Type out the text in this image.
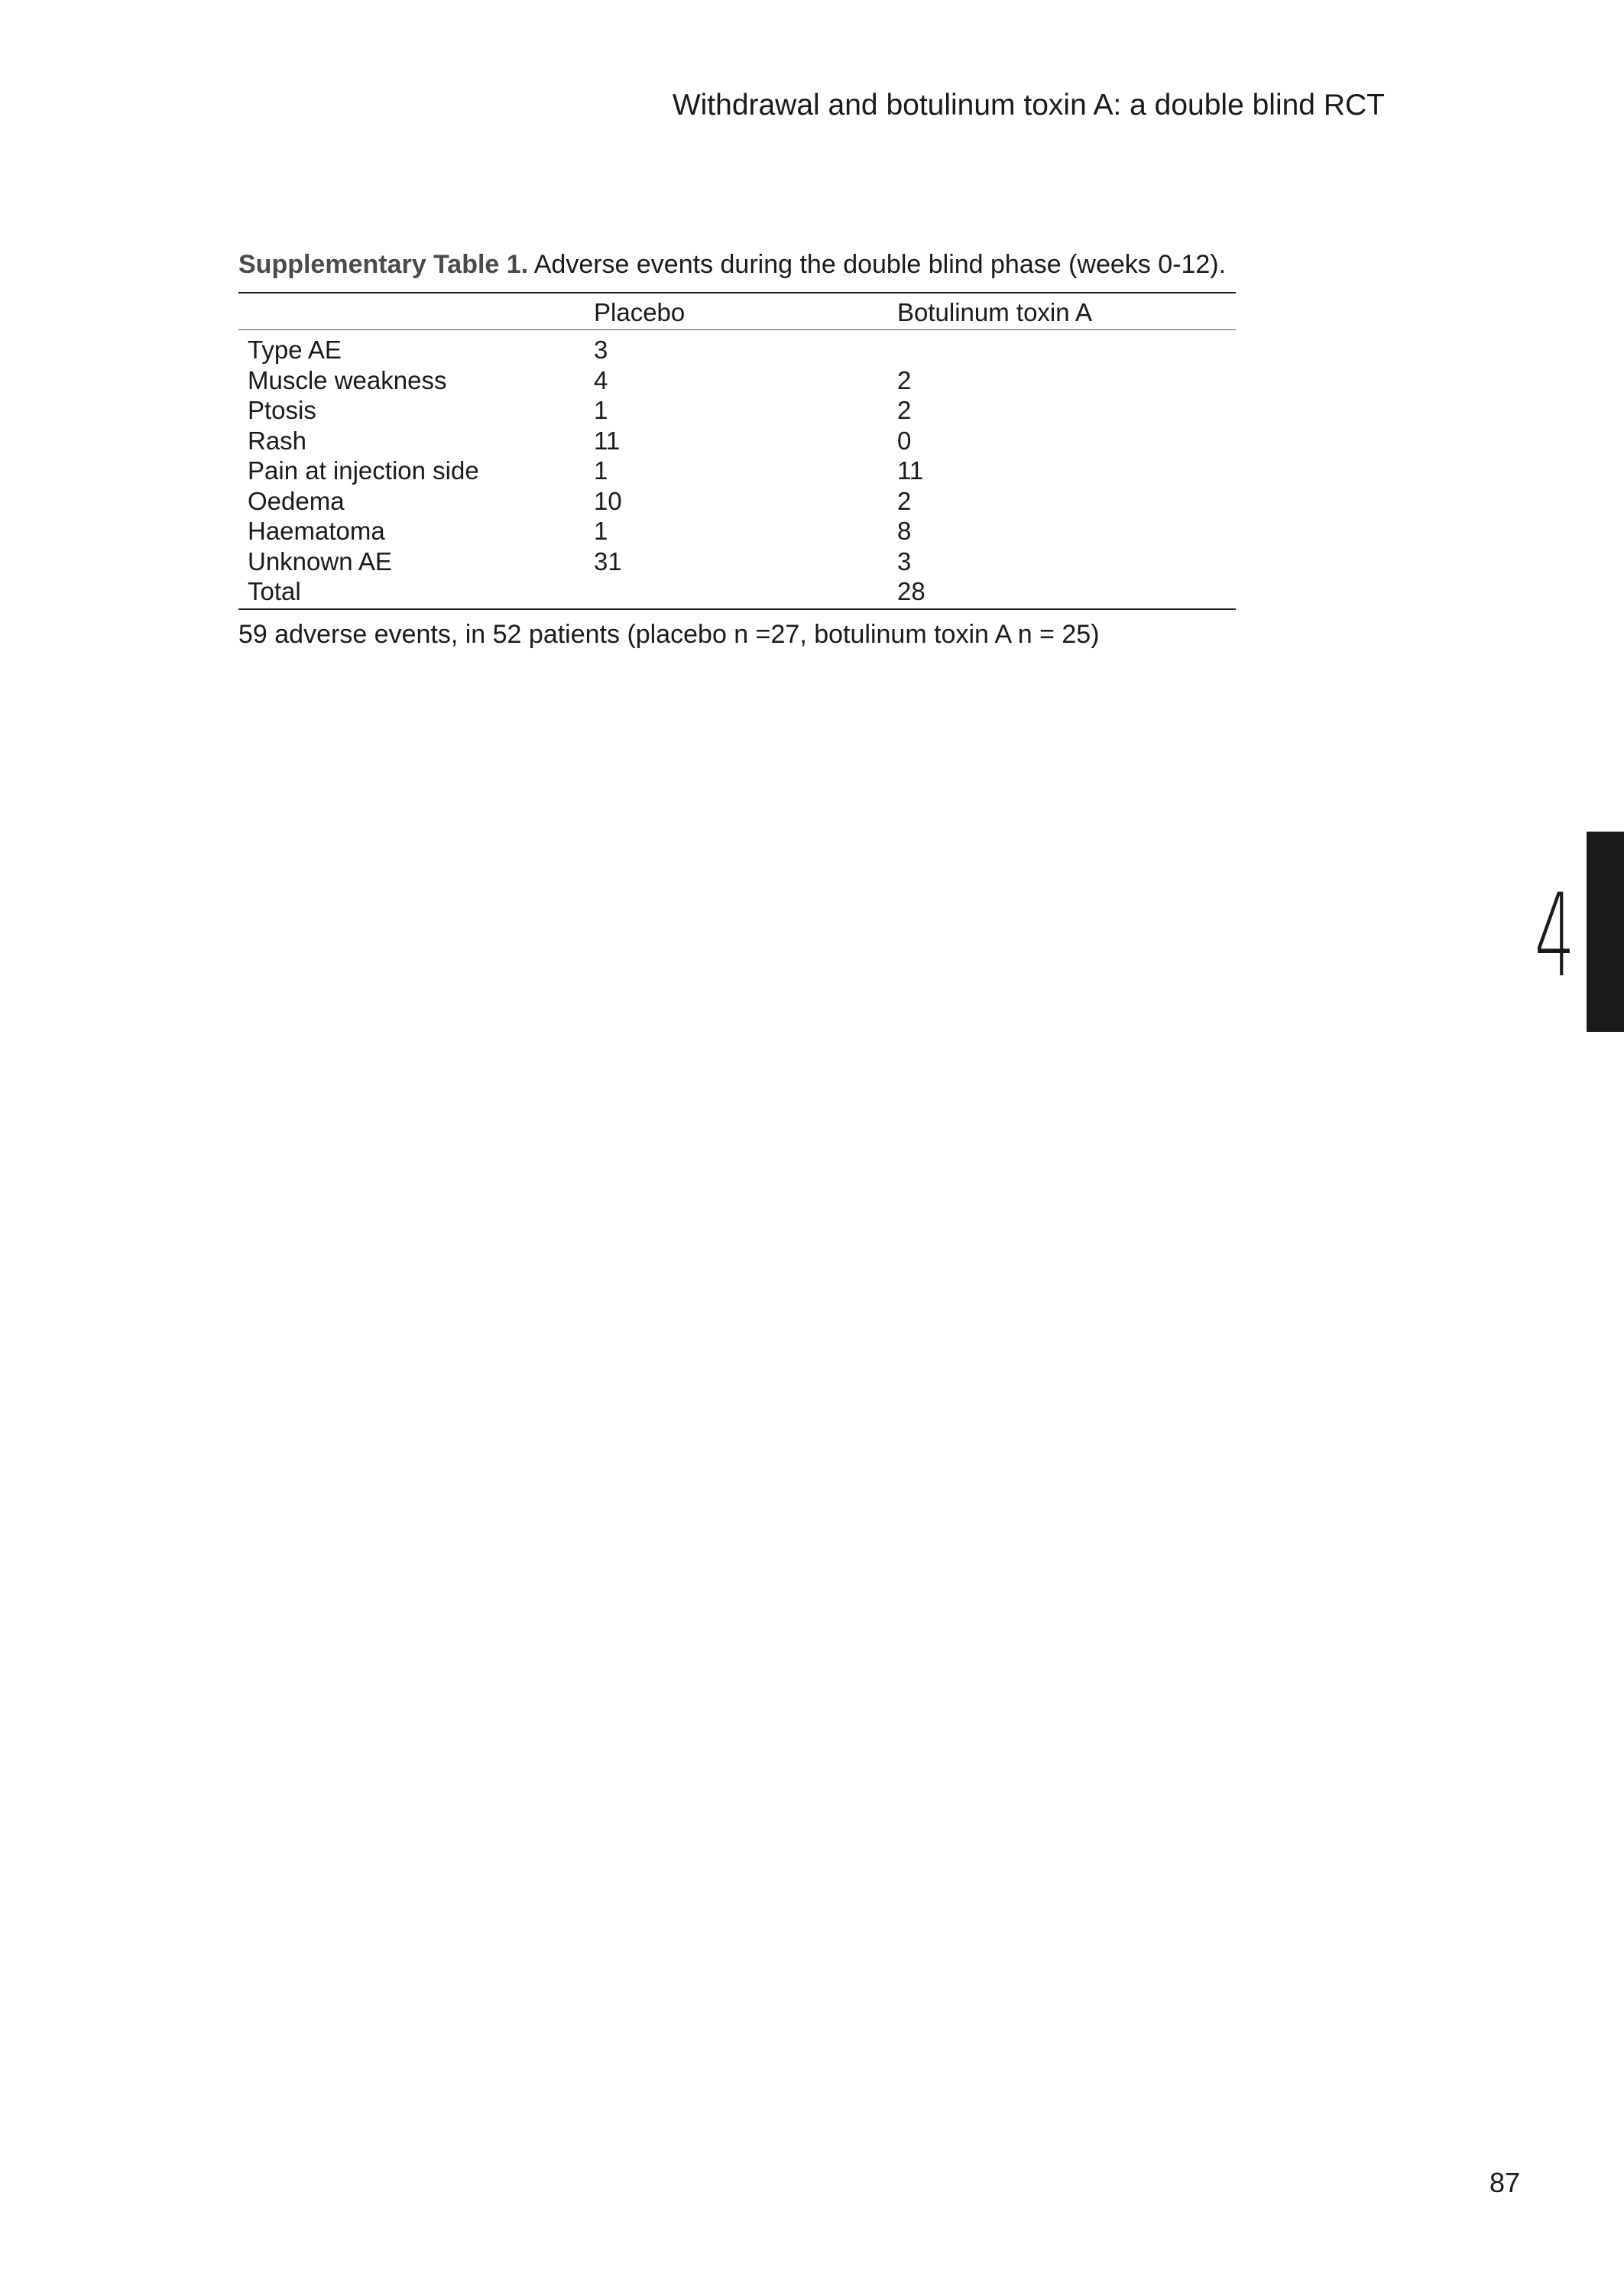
Withdrawal and botulinum toxin A: a double blind RCT
Supplementary Table 1. Adverse events during the double blind phase (weeks 0-12).
	Placebo	Botulinum toxin A
Type AE	3	
Muscle weakness	4	2
Ptosis	1	2
Rash	11	0
Pain at injection side	1	11
Oedema	10	2
Haematoma	1	8
Unknown AE	31	3
Total		28
59 adverse events, in 52 patients (placebo n =27, botulinum toxin A n = 25)
4
87
